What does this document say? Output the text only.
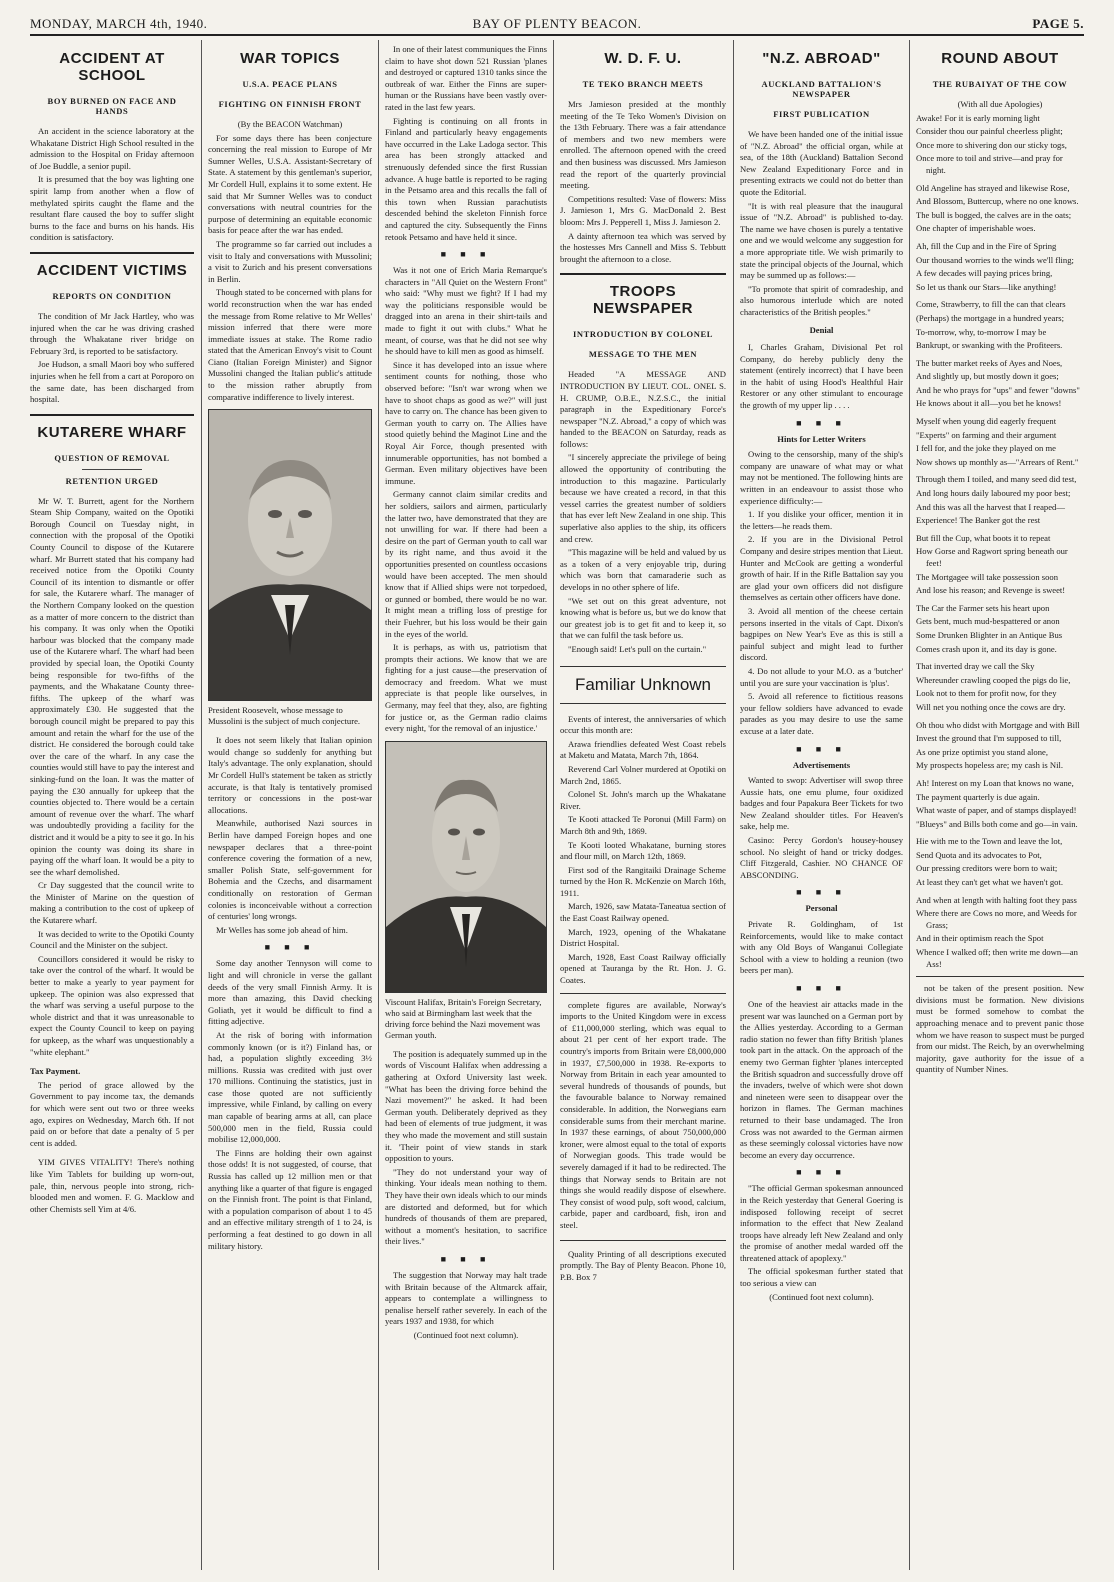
MONDAY, MARCH 4th, 1940.	BAY OF PLENTY BEACON.	PAGE 5.
ACCIDENT AT SCHOOL
BOY BURNED ON FACE AND HANDS

An accident in the science laboratory at the Whakatane District High School resulted in the admission to the Hospital on Friday afternoon of Joe Buddle, a senior pupil.

It is presumed that the boy was lighting one spirit lamp from another when a flow of methylated spirits caught the flame and the resultant flare caused the boy to suffer slight burns to the face and burns on his hands. His condition is satisfactory.

ACCIDENT VICTIMS
REPORTS ON CONDITION

The condition of Mr Jack Hartley, who was injured when the car he was driving crashed through the Whakatane river bridge on February 3rd, is reported to be satisfactory.

Joe Hudson, a small Maori boy who suffered injuries when he fell from a cart at Poroporo on the same date, has been discharged from hospital.

KUTARERE WHARF
QUESTION OF REMOVAL
RETENTION URGED

Mr W. T. Burrett, agent for the Northern Steam Ship Company, waited on the Opotiki Borough Council on Tuesday night, in connection with the proposal of the Opotiki County Council to dispose of the Kutarere wharf. Mr Burrett stated that his company had received notice from the Opotiki County Council of its intention to dismantle or offer for sale, the Kutarere wharf. The manager of the Northern Company looked on the question as a matter of more concern to the district than his company. It was only when the Opotiki harbour was blocked that the company made use of the Kutarere wharf. The wharf had been provided by special loan, the Opotiki County being responsible for two-fifths of the payments, and the Whakatane County three-fifths. The upkeep of the wharf was approximately £30. He suggested that the borough council might be prepared to pay this amount and retain the wharf for the use of the district. He considered the borough could take over the care of the wharf. In any case the counties would still have to pay the interest and sinking-fund on the loan. It was the matter of paying the £30 annually for upkeep that the counties objected to. There would be a certain amount of revenue over the wharf. The wharf was undoubtedly providing a facility for the district and it would be a pity to see it go. In his opinion the county was doing its share in paying off the wharf loan. It would be a pity to see the wharf demolished.

Cr Day suggested that the council write to the Minister of Marine on the question of making a contribution to the cost of upkeep of the Kutarere wharf.

It was decided to write to the Opotiki County Council and the Minister on the subject.

Councillors considered it would be risky to take over the control of the wharf. It would be better to make a yearly to year payment for upkeep. The opinion was also expressed that the wharf was serving a useful purpose to the whole district and that it was unreasonable to expect the County Council to keep on paying for upkeep, as the wharf was unquestionably a "white elephant."

Tax Payment.

The period of grace allowed by the Government to pay income tax, the demands for which were sent out two or three weeks ago, expires on Wednesday, March 6th. If not paid on or before that date a penalty of 5 per cent is added.

YIM GIVES VITALITY! There's nothing like Yim Tablets for building up worn-out, pale, thin, nervous people into strong, rich-blooded men and women. F. G. Macklow and other Chemists sell Yim at 4/6.

WAR TOPICS
U.S.A. PEACE PLANS
FIGHTING ON FINNISH FRONT

(By the BEACON Watchman)

For some days there has been conjecture concerning the real mission to Europe of Mr Sumner Welles, U.S.A. Assistant-Secretary of State. A statement by this gentleman's superior, Mr Cordell Hull, explains it to some extent. He said that Mr Sumner Welles was to conduct conversations with neutral countries for the purpose of determining an equitable economic basis for peace after the war has ended.

The programme so far carried out includes a visit to Italy and conversations with Mussolini; a visit to Zurich and his present conversations in Berlin.

Though stated to be concerned with plans for world reconstruction when the war has ended the message from Rome relative to Mr Welles' mission inferred that there were more immediate issues at stake. The Rome radio stated that the American Envoy's visit to Count Ciano (Italian Foreign Minister) and Signor Mussolini changed the Italian public's attitude to the mission rather abruptly from comparative indifference to lively interest.

President Roosevelt, whose message to Mussolini is the subject of much conjecture.

It does not seem likely that Italian opinion would change so suddenly for anything but Italy's advantage. The only explanation, should Mr Cordell Hull's statement be taken as strictly accurate, is that Italy is tentatively promised territory or concessions in the post-war allocations.

Meanwhile, authorised Nazi sources in Berlin have damped Foreign hopes and one newspaper declares that a three-point conference covering the formation of a new, smaller Polish State, self-government for Bohemia and the Czechs, and disarmament conditionally on restoration of German colonies is inconceivable without a correction of centuries' long wrongs.

Mr Welles has some job ahead of him.

■ ■ ■

Some day another Tennyson will come to light and will chronicle in verse the gallant deeds of the very small Finnish Army. It is more than amazing, this David checking Goliath, yet it would be difficult to find a fitting adjective.

At the risk of boring with information commonly known (or is it?) Finland has, or had, a population slightly exceeding 3½ millions. Russia was credited with just over 170 millions. Continuing the statistics, just in case those quoted are not sufficiently impressive, while Finland, by calling on every man capable of bearing arms at all, can place 500,000 men in the field, Russia could mobilise 12,000,000.

The Finns are holding their own against those odds! It is not suggested, of course, that Russia has called up 12 million men or that anything like a quarter of that figure is engaged on the Finnish front. The point is that Finland, with a population comparison of about 1 to 45 and an effective military strength of 1 to 24, is performing a feat destined to go down in all military history.

In one of their latest communiques the Finns claim to have shot down 521 Russian 'planes and destroyed or captured 1310 tanks since the outbreak of war. Either the Finns are super-human or the Russians have been vastly over-rated in the last few years.

Fighting is continuing on all fronts in Finland and particularly heavy engagements have occurred in the Lake Ladoga sector. This area has been strongly attacked and strenuously defended since the first Russian advance. A huge battle is reported to be raging in the Petsamo area and this recalls the fall of this town when Russian parachutists descended behind the skeleton Finnish force and captured the city. Subsequently the Finns retook Petsamo and have held it since.

■ ■ ■

Was it not one of Erich Maria Remarque's characters in "All Quiet on the Western Front" who said: "Why must we fight? If I had my way the politicians responsible would be dragged into an arena in their shirt-tails and made to fight it out with clubs." What he meant, of course, was that he did not see why he should have to kill men as good as himself.

Since it has developed into an issue where sentiment counts for nothing, those who observed before: "Isn't war wrong when we have to shoot chaps as good as we?" will just have to carry on. The chance has been given to German youth to carry on. The Allies have stood quietly behind the Maginot Line and the Royal Air Force, though presented with innumerable opportunities, has not bombed a German. Even military objectives have been immune.

Germany cannot claim similar credits and her soldiers, sailors and airmen, particularly the latter two, have demonstrated that they are not unwilling for war. If there had been a desire on the part of German youth to call war by its right name, and thus avoid it the opportunities presented on countless occasions would have been accepted. The men should know that if Allied ships were not torpedoed, or gunned or bombed, there would be no war. It might mean a trifling loss of prestige for their Fuehrer, but his loss would be their gain in the eyes of the world.

It is perhaps, as with us, patriotism that prompts their actions. We know that we are fighting for a just cause—the preservation of democracy and freedom. What we must appreciate is that people like ourselves, in Germany, may feel that they, also, are fighting for justice or, as the German radio claims every night, 'for the removal of an injustice.'

Viscount Halifax, Britain's Foreign Secretary, who said at Birmingham last week that the driving force behind the Nazi movement was German youth.

The position is adequately summed up in the words of Viscount Halifax when addressing a gathering at Oxford University last week. "What has been the driving force behind the Nazi movement?" he asked. It had been German youth. Deliberately deprived as they had been of elements of true judgment, it was they who made the movement and still sustain it. 'Their point of view stands in stark opposition to yours.

"They do not understand your way of thinking. Your ideals mean nothing to them. They have their own ideals which to our minds are distorted and deformed, but for which hundreds of thousands of them are prepared, without a moment's hesitation, to sacrifice their lives."

■ ■ ■

The suggestion that Norway may halt trade with Britain because of the Altmarck affair, appears to contemplate a willingness to penalise herself rather severely. In each of the years 1937 and 1938, for which

(Continued foot next column).

W. D. F. U.
TE TEKO BRANCH MEETS

Mrs Jamieson presided at the monthly meeting of the Te Teko Women's Division on the 13th February. There was a fair attendance of members and two new members were enrolled. The afternoon opened with the creed and then business was discussed. Mrs Jamieson read the report of the quarterly provincial meeting.

Competitions resulted: Vase of flowers: Miss J. Jamieson 1, Mrs G. MacDonald 2. Best bloom: Mrs J. Pepperell 1, Miss J. Jamieson 2.

A dainty afternoon tea which was served by the hostesses Mrs Cannell and Miss S. Tebbutt brought the afternoon to a close.

TROOPS NEWSPAPER
INTRODUCTION BY COLONEL
MESSAGE TO THE MEN

Headed "A MESSAGE AND INTRODUCTION BY LIEUT. COL. ONEL S. H. CRUMP, O.B.E., N.Z.S.C., the initial paragraph in the Expeditionary Force's newspaper "N.Z. Abroad," a copy of which was handed to the BEACON on Saturday, reads as follows:

"I sincerely appreciate the privilege of being allowed the opportunity of contributing the introduction to this magazine. Particularly because we have created a record, in that this vessel carries the greatest number of soldiers that has ever left New Zealand in one ship. This superlative also applies to the ship, its officers and crew.

"This magazine will be held and valued by us as a token of a very enjoyable trip, during which was born that camaraderie such as develops in no other sphere of life.

"We set out on this great adventure, not knowing what is before us, but we do know that our greatest job is to get fit and to keep it, so that we can fulfil the task before us.

"Enough said! Let's pull on the curtain."

Familiar Unknown

Events of interest, the anniversaries of which occur this month are:

Arawa friendlies defeated West Coast rebels at Maketu and Matata, March 7th, 1864.

Reverend Carl Volner murdered at Opotiki on March 2nd, 1865.

Colonel St. John's march up the Whakatane River.

Te Kooti attacked Te Poronui (Mill Farm) on March 8th and 9th, 1869.

Te Kooti looted Whakatane, burning stores and flour mill, on March 12th, 1869.

First sod of the Rangitaiki Drainage Scheme turned by the Hon R. McKenzie on March 16th, 1911.

March, 1926, saw Matata-Taneatua section of the East Coast Railway opened.

March, 1923, opening of the Whakatane District Hospital.

March, 1928, East Coast Railway officially opened at Tauranga by the Rt. Hon. J. G. Coates.

complete figures are available, Norway's imports to the United Kingdom were in excess of £11,000,000 sterling, which was equal to about 21 per cent of her export trade. The country's imports from Britain were £8,000,000 in 1937, £7,500,000 in 1938. Re-exports to Norway from Britain in each year amounted to several hundreds of thousands of pounds, but the favourable balance to Norway remained considerable. In addition, the Norwegians earn considerable sums from their merchant marine. In 1937 these earnings, of about 750,000,000 kroner, were almost equal to the total of exports of Norwegian goods. This trade would be severely damaged if it had to be redirected. The things that Norway sends to Britain are not things she would readily dispose of elsewhere. They consist of wood pulp, soft wood, calcium, carbide, paper and cardboard, fish, iron and steel.

Quality Printing of all descriptions executed promptly. The Bay of Plenty Beacon. Phone 10, P.B. Box 7

"N.Z. ABROAD"
AUCKLAND BATTALION'S NEWSPAPER
FIRST PUBLICATION

We have been handed one of the initial issue of "N.Z. Abroad" the official organ, while at sea, of the 18th (Auckland) Battalion Second New Zealand Expeditionary Force and in presenting extracts we could not do better than quote the Editorial.

"It is with real pleasure that the inaugural issue of "N.Z. Abroad" is published to-day. The name we have chosen is purely a tentative one and we would welcome any suggestion for a more appropriate title. We wish primarily to state the principal objects of the Journal, which may be summed up as follows:—

"To promote that spirit of comradeship, and also humorous interlude which are noted characteristics of the British peoples."

Denial

I, Charles Graham, Divisional Pet rol Company, do hereby publicly deny the statement (entirely incorrect) that I have been in the habit of using Hood's Healthful Hair Restorer or any other stimulant to encourage the growth of my upper lip . . . .

■ ■ ■

Hints for Letter Writers

Owing to the censorship, many of the ship's company are unaware of what may or what may not be mentioned. The following hints are written in an endeavour to assist those who experience difficulty:—

1. If you dislike your officer, mention it in the letters—he reads them.

2. If you are in the Divisional Petrol Company and desire stripes mention that Lieut. Hunter and McCook are getting a wonderful growth of hair. If in the Rifle Battalion say you are glad your own officers did not disfigure themselves as certain other officers have done.

3. Avoid all mention of the cheese certain persons inserted in the vitals of Capt. Dixon's bagpipes on New Year's Eve as this is still a painful subject and might lead to further discord.

4. Do not allude to your M.O. as a 'butcher' until you are sure your vaccination is 'plus'.

5. Avoid all reference to fictitious reasons your fellow soldiers have advanced to evade parades as you may desire to use the same excuse at a later date.

■ ■ ■

Advertisements

Wanted to swop: Advertiser will swop three Aussie hats, one emu plume, four oxidized badges and four Papakura Beer Tickets for two New Zealand shoulder titles. For Heaven's sake, help me.

Casino: Percy Gordon's housey-housey school. No sleight of hand or tricky dodges. Cliff Fitzgerald, Cashier. NO CHANCE OF ABSCONDING.

■ ■ ■

Personal

Private R. Goldingham, of 1st Reinforcements, would like to make contact with any Old Boys of Wanganui Collegiate School with a view to holding a reunion (two beers per man).

■ ■ ■

One of the heaviest air attacks made in the present war was launched on a German port by the Allies yesterday. According to a German radio station no fewer than fifty British 'planes took part in the attack. On the approach of the enemy two German fighter 'planes intercepted the British squadron and successfully drove off the invaders, twelve of which were shot down and nineteen were seen to disappear over the horizon in flames. The German machines returned to their base undamaged. The Iron Cross was not awarded to the German airmen as these seemingly colossal victories have now become an every day occurrence.

■ ■ ■

"The official German spokesman announced in the Reich yesterday that General Goering is indisposed following receipt of secret information to the effect that New Zealand troops have already left New Zealand and only the promise of another medal warded off the threatened attack of apoplexy."

The official spokesman further stated that too serious a view can

(Continued foot next column).

ROUND ABOUT
THE RUBAIYAT OF THE COW

(With all due Apologies)

Awake! For it is early morning light
Consider thou our painful cheerless plight;
Once more to shivering don our sticky togs,
Once more to toil and strive—and pray for night.
Old Angeline has strayed and likewise Rose,
And Blossom, Buttercup, where no one knows.
The bull is bogged, the calves are in the oats;
One chapter of imperishable woes.
Ah, fill the Cup and in the Fire of Spring
Our thousand worries to the winds we'll fling;
A few decades will paying prices bring,
So let us thank our Stars—like anything!
Come, Strawberry, to fill the can that clears
(Perhaps) the mortgage in a hundred years;
To-morrow, why, to-morrow I may be
Bankrupt, or swanking with the Profiteers.
The butter market reeks of Ayes and Noes,
And slightly up, but mostly down it goes;
And he who prays for "ups" and fewer "downs"
He knows about it all—you bet he knows!
Myself when young did eagerly frequent
"Experts" on farming and their argument
I fell for, and the joke they played on me
Now shows up monthly as—"Arrears of Rent."
Through them I toiled, and many seed did test,
And long hours daily laboured my poor best;
And this was all the harvest that I reaped—
Experience! The Banker got the rest
But fill the Cup, what boots it to repeat
How Gorse and Ragwort spring beneath our feet!
The Mortgagee will take possession soon
And lose his reason; and Revenge is sweet!
The Car the Farmer sets his heart upon
Gets bent, much mud-bespattered or anon
Some Drunken Blighter in an Antique Bus
Comes crash upon it, and its day is gone.
That inverted dray we call the Sky
Whereunder crawling cooped the pigs do lie,
Look not to them for profit now, for they
Will net you nothing once the cows are dry.
Oh thou who didst with Mortgage and with Bill
Invest the ground that I'm supposed to till,
As one prize optimist you stand alone,
My prospects hopeless are; my cash is Nil.
Ah! Interest on my Loan that knows no wane,
The payment quarterly is due again.
What waste of paper, and of stamps displayed!
"Blueys" and Bills both come and go—in vain.
Hie with me to the Town and leave the lot,
Send Quota and its advocates to Pot,
Our pressing creditors were born to wait;
At least they can't get what we haven't got.
And when at length with halting foot they pass
Where there are Cows no more, and Weeds for Grass;
And in their optimism reach the Spot
Whence I walked off; then write me down—an Ass!

not be taken of the present position. New divisions must be formation. New divisions must be formed somehow to combat the approaching menace and to prevent panic those whom we have reason to suspect must be purged from our midst. The Reich, by an overwhelming majority, gave authority for the issue of a quantity of Number Nines.
